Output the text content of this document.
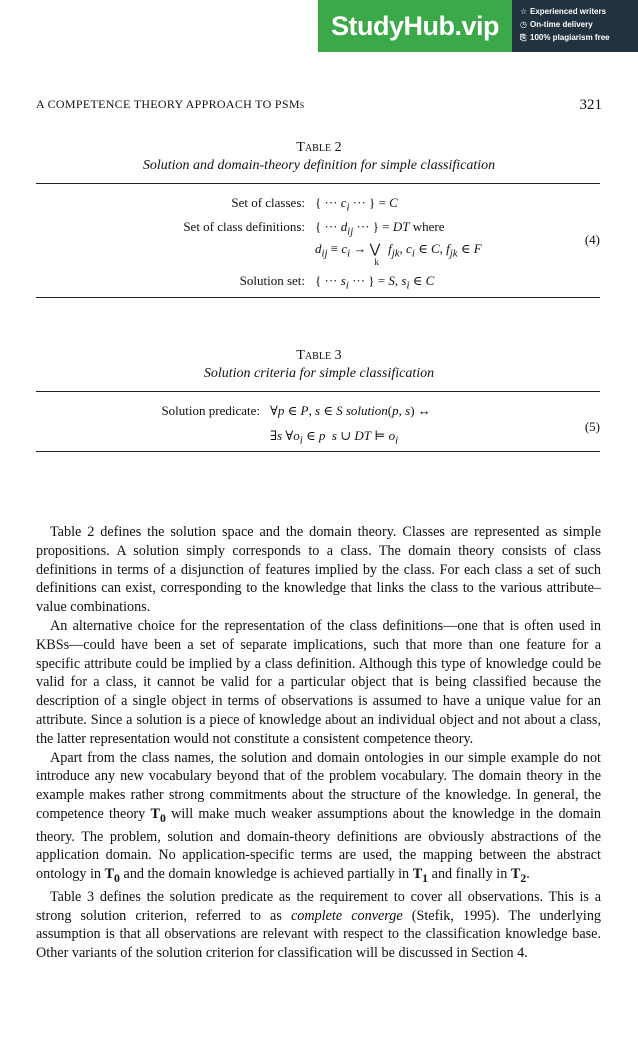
StudyHub.vip	☆ Experienced writers
◷ On-time delivery
⎘ 100% plagiarism free
A COMPETENCE THEORY APPROACH TO PSMs	321
Table 2
Solution and domain-theory definition for simple classification
Set of classes: { ··· $c_i$ ··· } = C
Set of class definitions: { ··· $d_{ij}$ ··· } = DT where
$d_{ij} \equiv c_i$ → $⋁_k$ $f_{jk}$, $c_i$ ∈ C, $f_{jk}$ ∈ F
(4)
Solution set: { ··· $s_i$ ··· } = S, $s_i$ ∈ C
Table 3
Solution criteria for simple classification
Solution predicate: ∀p ∈ P, s ∈ S solution(p, s) ↔
(5)
∃s $\forall o_i$ ∈ p s ∪ DT ⊨ $o_i$

Table 2 defines the solution space and the domain theory. Classes are represented as simple propositions. A solution simply corresponds to a class. The domain theory consists of class definitions in terms of a disjunction of features implied by the class. For each class a set of such definitions can exist, corresponding to the knowledge that links the class to the various attribute–value combinations.

An alternative choice for the representation of the class definitions—one that is often used in KBSs—could have been a set of separate implications, such that more than one feature for a specific attribute could be implied by a class definition. Although this type of knowledge could be valid for a class, it cannot be valid for a particular object that is being classified because the description of a single object in terms of observations is assumed to have a unique value for an attribute. Since a solution is a piece of knowledge about an individual object and not about a class, the latter representation would not constitute a consistent competence theory.

Apart from the class names, the solution and domain ontologies in our simple example do not introduce any new vocabulary beyond that of the problem vocabulary. The domain theory in the example makes rather strong commitments about the structure of the knowledge. In general, the competence theory $T_0$ will make much weaker assumptions about the knowledge in the domain theory. The problem, solution and domain-theory definitions are obviously abstractions of the application domain. No application-specific terms are used, the mapping between the abstract ontology in $T_0$ and the domain knowledge is achieved partially in $T_1$ and finally in $T_2$.

Table 3 defines the solution predicate as the requirement to cover all observations. This is a strong solution criterion, referred to as complete converge (Stefik, 1995). The underlying assumption is that all observations are relevant with respect to the classification knowledge base. Other variants of the solution criterion for classification will be discussed in Section 4.
